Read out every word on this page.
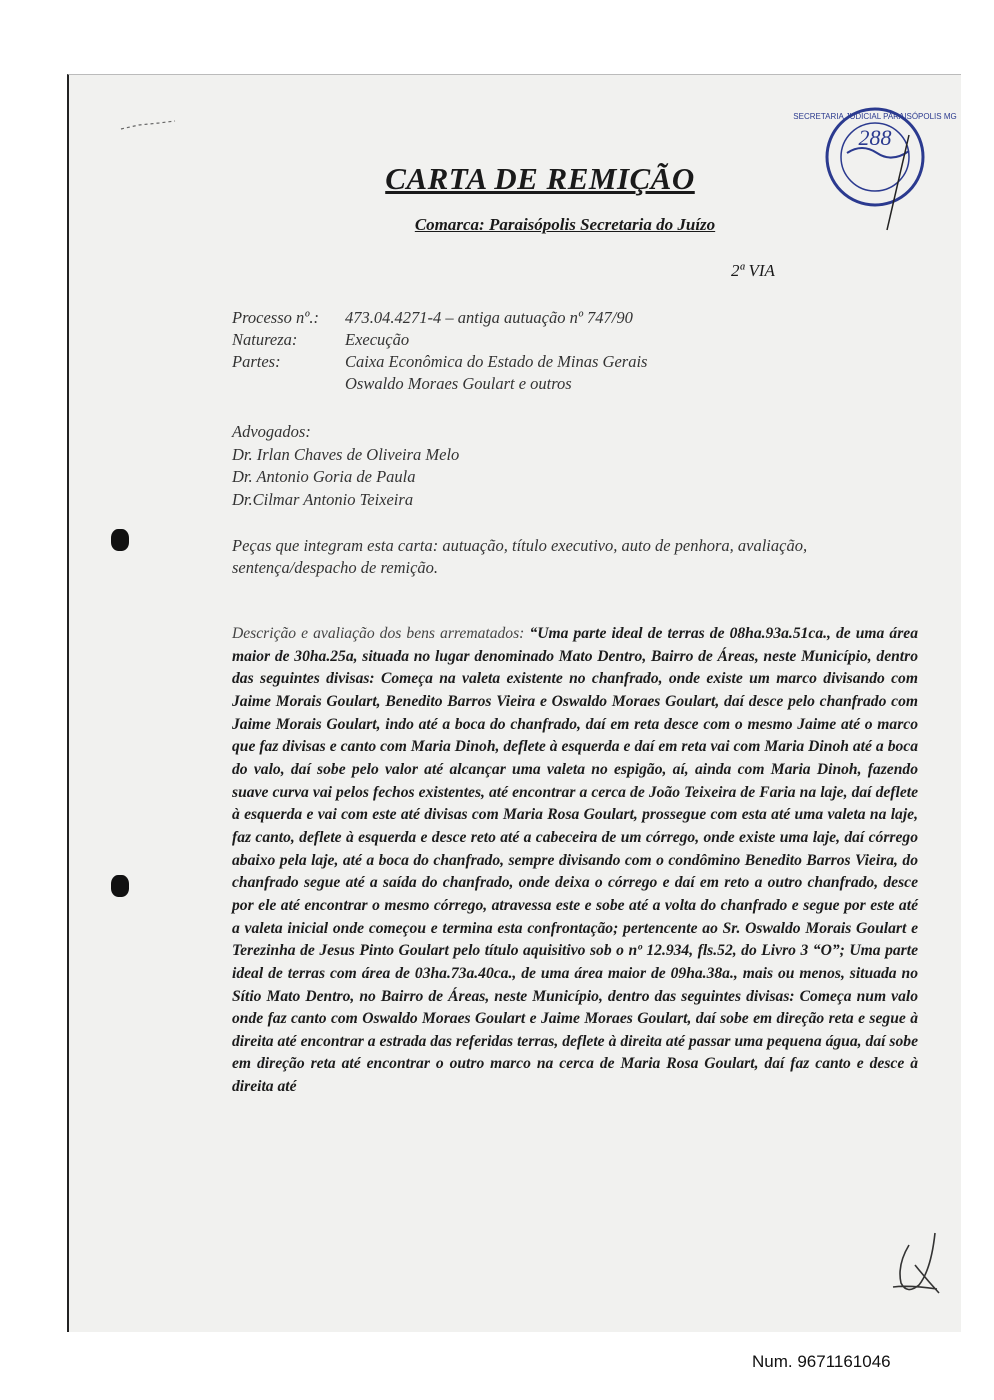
288
SECRETARIA JUDICIAL PARAISÓPOLIS MG
CARTA DE REMIÇÃO
Comarca: Paraisópolis Secretaria do Juízo
2ª VIA
Processo nº.: 473.04.4271-4 – antiga autuação nº 747/90
Natureza:	Execução
Partes:	Caixa Econômica do Estado de Minas Gerais
Oswaldo Moraes Goulart e outros
Advogados:
Dr. Irlan Chaves de Oliveira Melo
Dr. Antonio Goria de Paula
Dr.Cilmar Antonio Teixeira
Peças que integram esta carta: autuação, título executivo, auto de penhora, avaliação, sentença/despacho de remição.
Descrição e avaliação dos bens arrematados: “Uma parte ideal de terras de 08ha.93a.51ca., de uma área maior de 30ha.25a, situada no lugar denominado Mato Dentro, Bairro de Áreas, neste Município, dentro das seguintes divisas: Começa na valeta existente no chanfrado, onde existe um marco divisando com Jaime Morais Goulart, Benedito Barros Vieira e Oswaldo Moraes Goulart, daí desce pelo chanfrado com Jaime Morais Goulart, indo até a boca do chanfrado, daí em reta desce com o mesmo Jaime até o marco que faz divisas e canto com Maria Dinoh, deflete à esquerda e daí em reta vai com Maria Dinoh até a boca do valo, daí sobe pelo valor até alcançar uma valeta no espigão, aí, ainda com Maria Dinoh, fazendo suave curva vai pelos fechos existentes, até encontrar a cerca de João Teixeira de Faria na laje, daí deflete à esquerda e vai com este até divisas com Maria Rosa Goulart, prossegue com esta até uma valeta na laje, faz canto, deflete à esquerda e desce reto até a cabeceira de um córrego, onde existe uma laje, daí córrego abaixo pela laje, até a boca do chanfrado, sempre divisando com o condômino Benedito Barros Vieira, do chanfrado segue até a saída do chanfrado, onde deixa o córrego e daí em reto a outro chanfrado, desce por ele até encontrar o mesmo córrego, atravessa este e sobe até a volta do chanfrado e segue por este até a valeta inicial onde começou e termina esta confrontação; pertencente ao Sr. Oswaldo Morais Goulart e Terezinha de Jesus Pinto Goulart pelo título aquisitivo sob o nº 12.934, fls.52, do Livro 3 “O”; Uma parte ideal de terras com área de 03ha.73a.40ca., de uma área maior de 09ha.38a., mais ou menos, situada no Sítio Mato Dentro, no Bairro de Áreas, neste Município, dentro das seguintes divisas: Começa num valo onde faz canto com Oswaldo Moraes Goulart e Jaime Moraes Goulart, daí sobe em direção reta e segue à direita até encontrar a estrada das referidas terras, deflete à direita até passar uma pequena água, daí sobe em direção reta até encontrar o outro marco na cerca de Maria Rosa Goulart, daí faz canto e desce à direita até
Num. 9671161046
